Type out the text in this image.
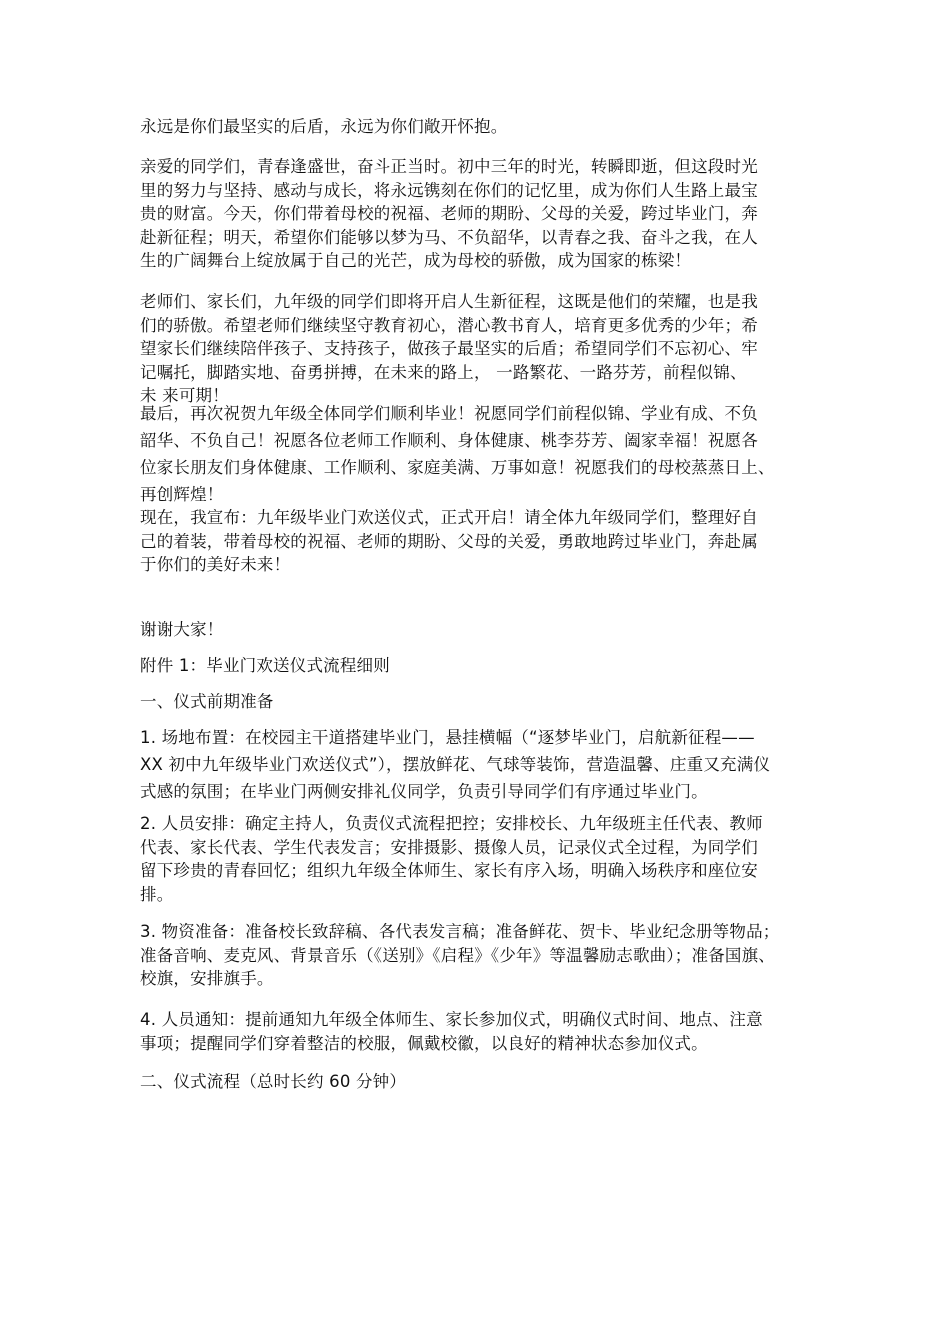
永远是你们最坚实的后盾，永远为你们敞开怀抱。

亲爱的同学们，青春逢盛世，奋斗正当时。初中三年的时光，转瞬即逝，但这段时光
里的努力与坚持、感动与成长，将永远镌刻在你们的记忆里，成为你们人生路上最宝
贵的财富。今天，你们带着母校的祝福、老师的期盼、父母的关爱，跨过毕业门，奔
赴新征程；明天，希望你们能够以梦为马、不负韶华，以青春之我、奋斗之我，在人
生的广阔舞台上绽放属于自己的光芒，成为母校的骄傲，成为国家的栋梁！

老师们、家长们，九年级的同学们即将开启人生新征程，这既是他们的荣耀，也是我
们的骄傲。希望老师们继续坚守教育初心，潜心教书育人，培育更多优秀的少年；希
望家长们继续陪伴孩子、支持孩子，做孩子最坚实的后盾；希望同学们不忘初心、牢
记嘱托，脚踏实地、奋勇拼搏，在未来的路上， 一路繁花、一路芬芳，前程似锦、
未 来可期！

最后，再次祝贺九年级全体同学们顺利毕业！祝愿同学们前程似锦、学业有成、不负
韶华、不负自己！祝愿各位老师工作顺利、身体健康、桃李芬芳、阖家幸福！祝愿各
位家长朋友们身体健康、工作顺利、家庭美满、万事如意！祝愿我们的母校蒸蒸日上、
再创辉煌！

现在，我宣布：九年级毕业门欢送仪式，正式开启！请全体九年级同学们，整理好自
己的着装，带着母校的祝福、老师的期盼、父母的关爱，勇敢地跨过毕业门，奔赴属
于你们的美好未来！

谢谢大家！

附件 1：毕业门欢送仪式流程细则

一、仪式前期准备

1. 场地布置：在校园主干道搭建毕业门，悬挂横幅（“逐梦毕业门，启航新征程——
XX 初中九年级毕业门欢送仪式”），摆放鲜花、气球等装饰，营造温馨、庄重又充满仪
式感的氛围；在毕业门两侧安排礼仪同学，负责引导同学们有序通过毕业门。

2. 人员安排：确定主持人，负责仪式流程把控；安排校长、九年级班主任代表、教师
代表、家长代表、学生代表发言；安排摄影、摄像人员，记录仪式全过程，为同学们
留下珍贵的青春回忆；组织九年级全体师生、家长有序入场，明确入场秩序和座位安
排。

3. 物资准备：准备校长致辞稿、各代表发言稿；准备鲜花、贺卡、毕业纪念册等物品；
准备音响、麦克风、背景音乐（《送别》《启程》《少年》等温馨励志歌曲）；准备国旗、
校旗，安排旗手。

4. 人员通知：提前通知九年级全体师生、家长参加仪式，明确仪式时间、地点、注意
事项；提醒同学们穿着整洁的校服，佩戴校徽，以良好的精神状态参加仪式。

二、仪式流程（总时长约 60 分钟）
